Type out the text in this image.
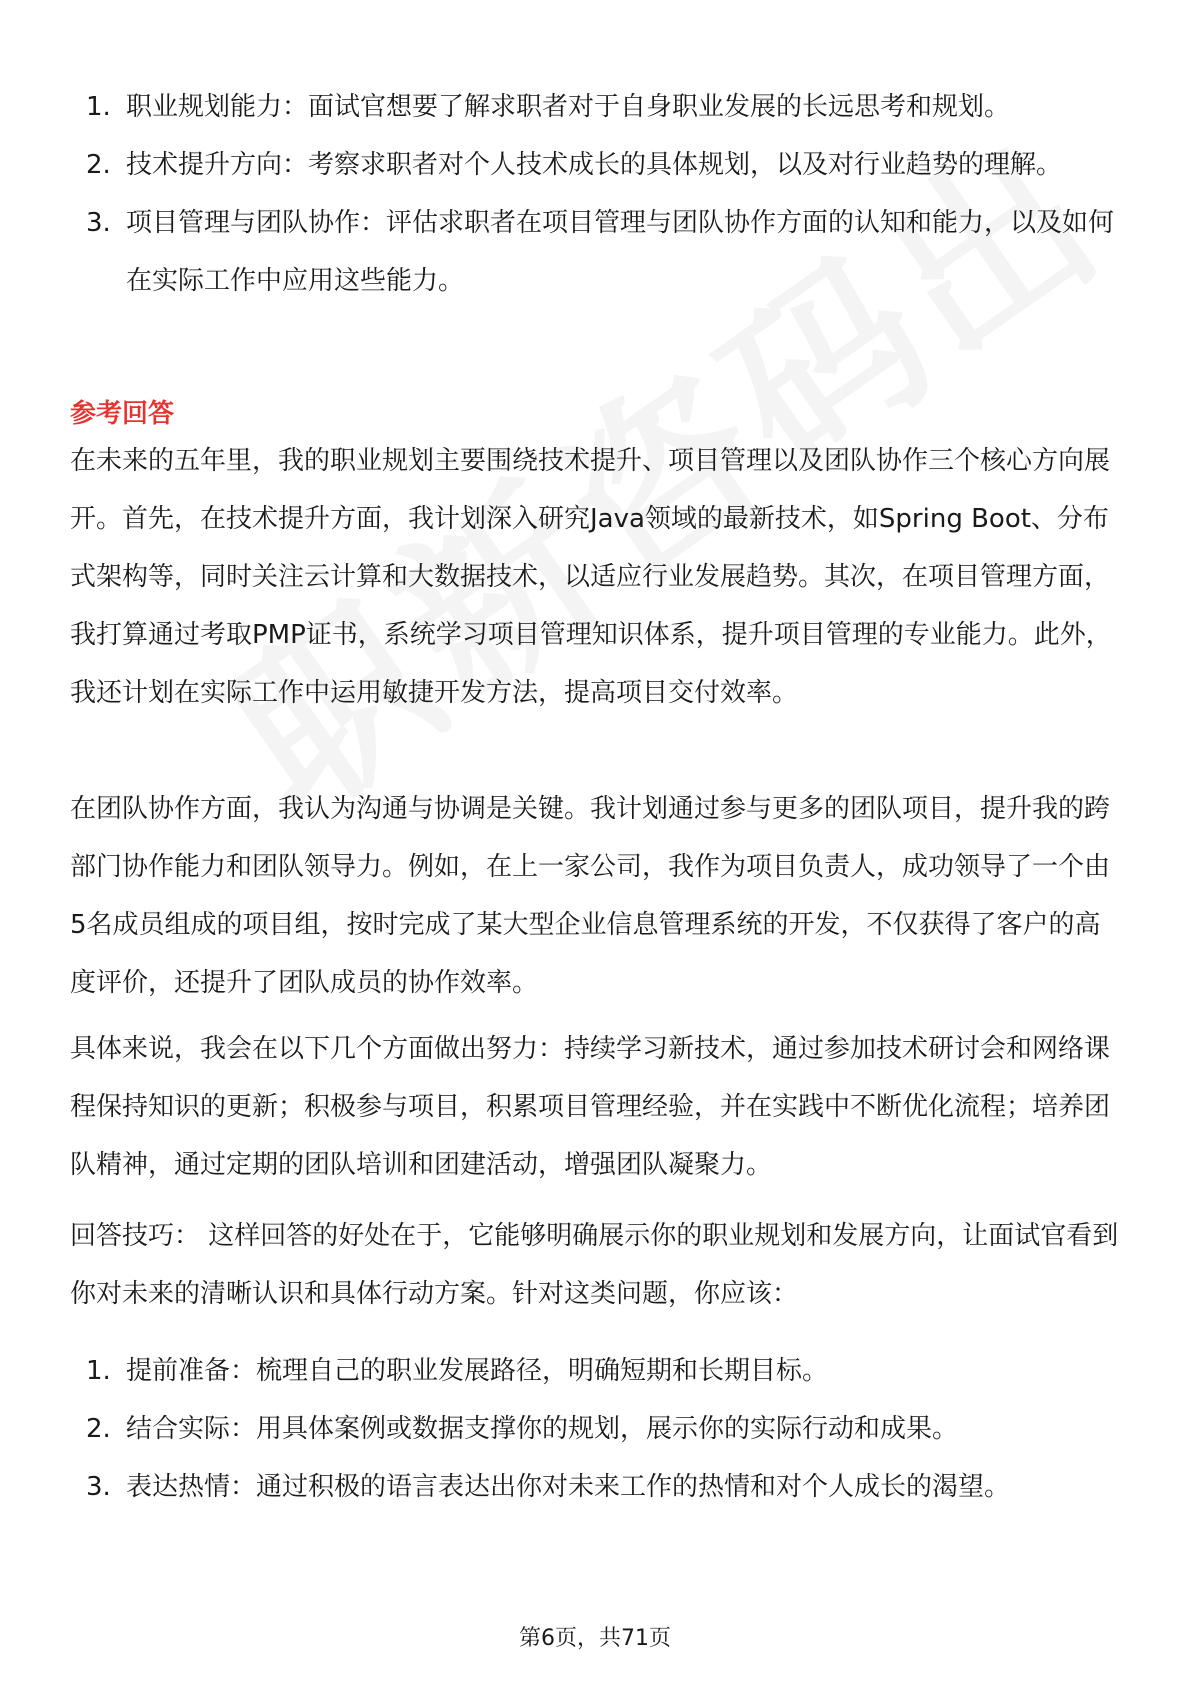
1. 职业规划能力：面试官想要了解求职者对于自身职业发展的长远思考和规划。
2. 技术提升方向：考察求职者对个人技术成长的具体规划，以及对行业趋势的理解。
3. 项目管理与团队协作：评估求职者在项目管理与团队协作方面的认知和能力，以及如何在实际工作中应用这些能力。
参考回答

在未来的五年里，我的职业规划主要围绕技术提升、项目管理以及团队协作三个核心方向展开。首先，在技术提升方面，我计划深入研究Java领域的最新技术，如Spring Boot、分布式架构等，同时关注云计算和大数据技术，以适应行业发展趋势。其次，在项目管理方面，我打算通过考取PMP证书，系统学习项目管理知识体系，提升项目管理的专业能力。此外，我还计划在实际工作中运用敏捷开发方法，提高项目交付效率。

在团队协作方面，我认为沟通与协调是关键。我计划通过参与更多的团队项目，提升我的跨部门协作能力和团队领导力。例如，在上一家公司，我作为项目负责人，成功领导了一个由5名成员组成的项目组，按时完成了某大型企业信息管理系统的开发，不仅获得了客户的高度评价，还提升了团队成员的协作效率。

具体来说，我会在以下几个方面做出努力：持续学习新技术，通过参加技术研讨会和网络课程保持知识的更新；积极参与项目，积累项目管理经验，并在实践中不断优化流程；培养团队精神，通过定期的团队培训和团建活动，增强团队凝聚力。

回答技巧： 这样回答的好处在于，它能够明确展示你的职业规划和发展方向，让面试官看到你对未来的清晰认识和具体行动方案。针对这类问题，你应该：

1. 提前准备：梳理自己的职业发展路径，明确短期和长期目标。
2. 结合实际：用具体案例或数据支撑你的规划，展示你的实际行动和成果。
3. 表达热情：通过积极的语言表达出你对未来工作的热情和对个人成长的渴望。
第6页，共71页
